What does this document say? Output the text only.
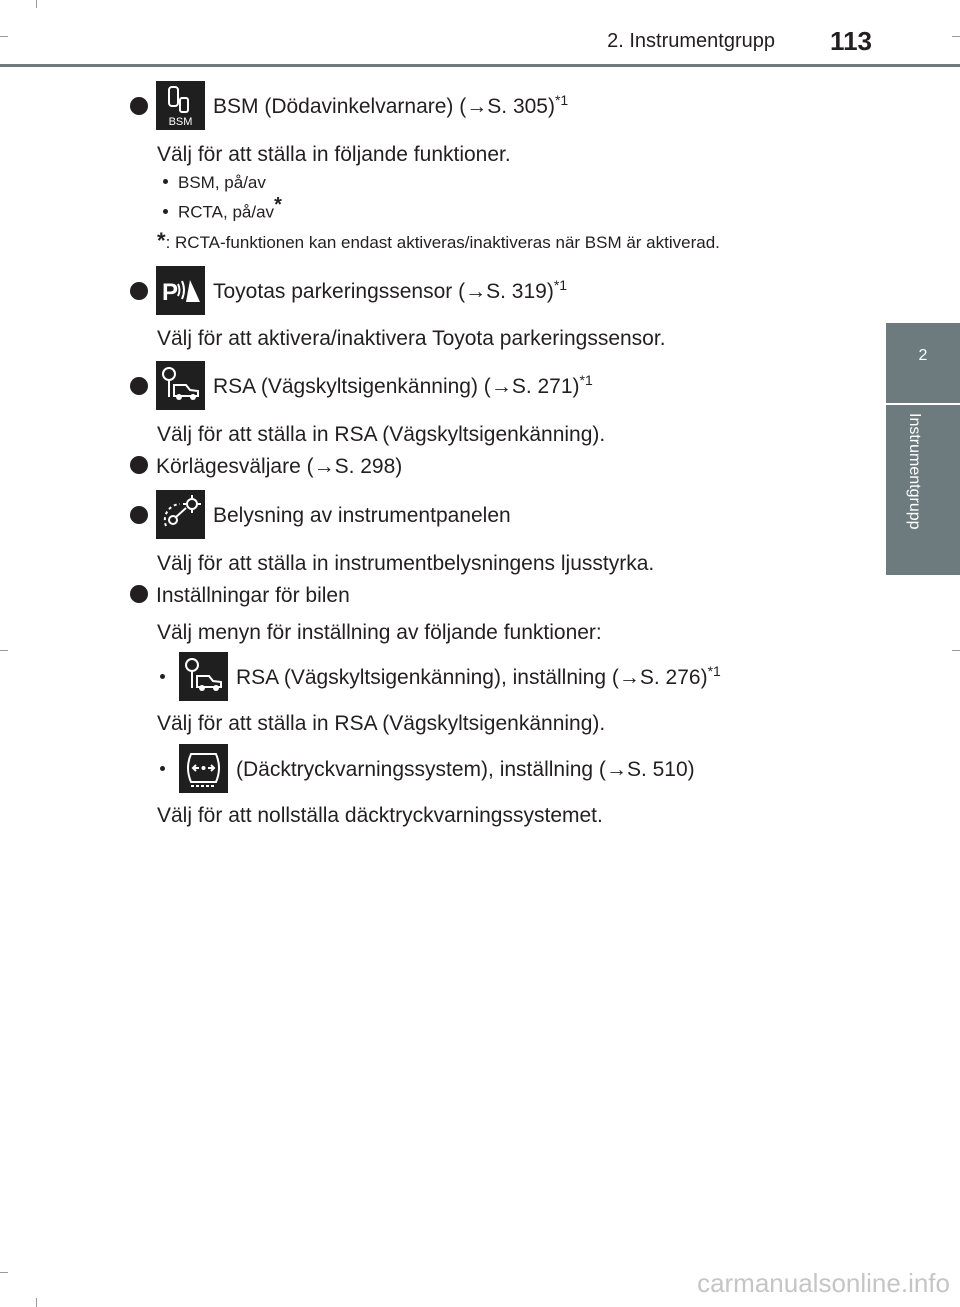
2. Instrumentgrupp 113
2
Instrumentgrupp
BSM
BSM (Dödavinkelvarnare) (→S. 305)$^{*1}$
Välj för att ställa in följande funktioner.
BSM, på/av
RCTA, på/av*
*: RCTA-funktionen kan endast aktiveras/inaktiveras när BSM är aktiverad.
P Toyotas parkeringssensor (→S. 319)$^{*1}$
Välj för att aktivera/inaktivera Toyota parkeringssensor.
RSA (Vägskyltsigenkänning) (→S. 271)$^{*1}$
Välj för att ställa in RSA (Vägskyltsigenkänning).
Körlägesväljare (→S. 298)
Belysning av instrumentpanelen
Välj för att ställa in instrumentbelysningens ljusstyrka.
Inställningar för bilen
Välj menyn för inställning av följande funktioner:
RSA (Vägskyltsigenkänning), inställning (→S. 276)$^{*1}$
Välj för att ställa in RSA (Vägskyltsigenkänning).
(Däcktryckvarningssystem), inställning (→S. 510)
Välj för att nollställa däcktryckvarningssystemet.
carmanualsonline.info
